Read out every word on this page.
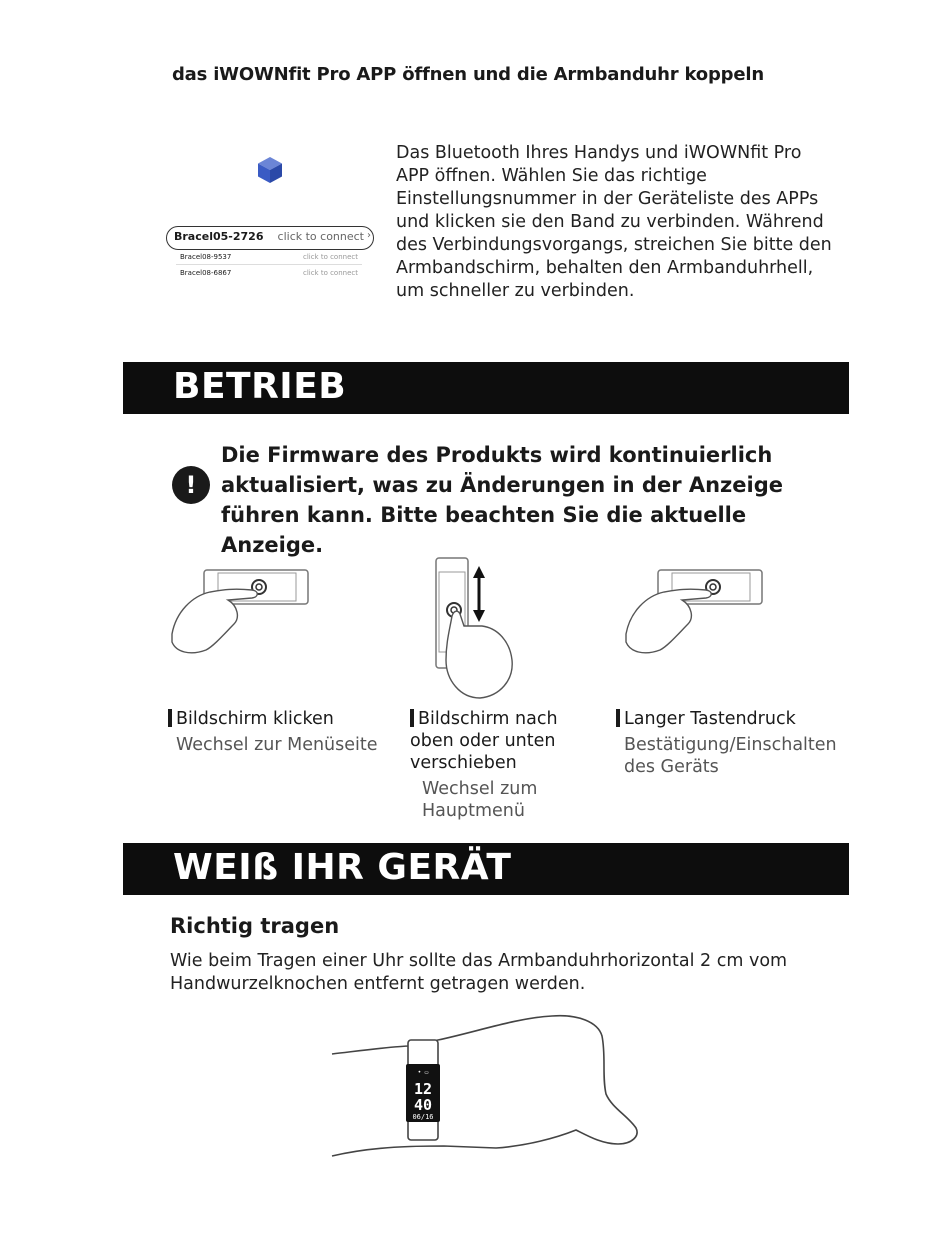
das iWOWNfit Pro APP öffnen und die Armbanduhr koppeln
Bracel05-2726 click to connect ›
Bracel08-9537	click to connect
Bracel08-6867	click to connect
Das Bluetooth Ihres Handys und iWOWNfit Pro APP öffnen. Wählen Sie das richtige Einstellungsnummer in der Geräteliste des APPs und klicken sie den Band zu verbinden. Während des Verbindungsvorgangs, streichen Sie bitte den Armbandschirm, behalten den Armbanduhrhell, um schneller zu verbinden.
BETRIEB
!
Die Firmware des Produkts wird kontinuierlich aktualisiert, was zu Änderungen in der Anzeige führen kann. Bitte beachten Sie die aktuelle Anzeige.
Bildschirm klicken
Wechsel zur Menüseite
Bildschirm nach oben oder unten verschieben
Wechsel zum Hauptmenü
Langer Tastendruck
Bestätigung/Einschalten des Geräts
WEIß IHR GERÄT
Richtig tragen
Wie beim Tragen einer Uhr sollte das Armbanduhrhorizontal 2 cm vom Handwurzelknochen entfernt getragen werden.
• ▭
12
40
06/16
